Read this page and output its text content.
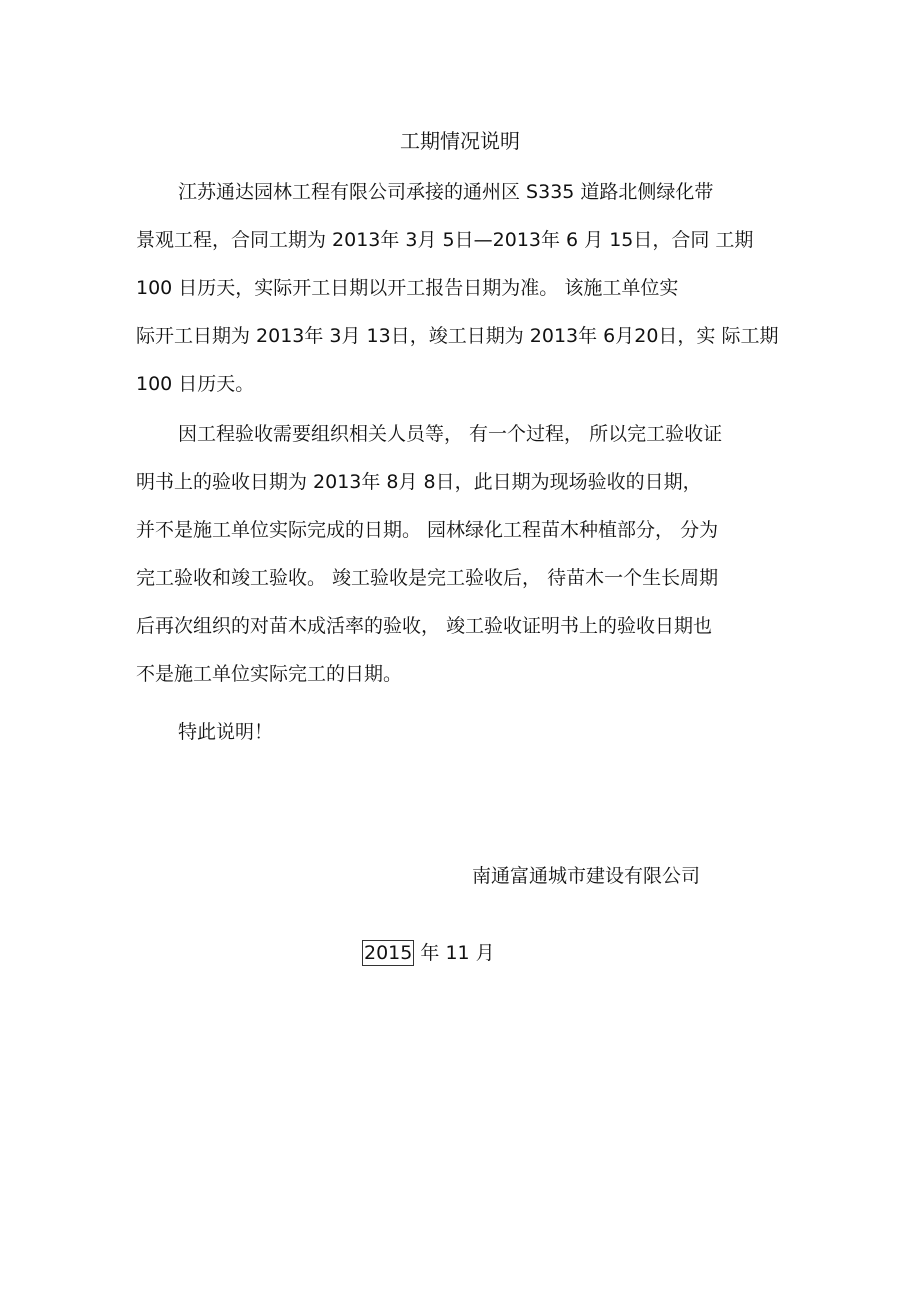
工期情况说明
江苏通达园林工程有限公司承接的通州区 S335 道路北侧绿化带
景观工程，合同工期为 2013年 3月 5日—2013年 6 月 15日，合同 工期
100 日历天，实际开工日期以开工报告日期为准。 该施工单位实
际开工日期为 2013年 3月 13日，竣工日期为 2013年 6月20日，实 际工期
100 日历天。
因工程验收需要组织相关人员等， 有一个过程， 所以完工验收证
明书上的验收日期为 2013年 8月 8日，此日期为现场验收的日期，
并不是施工单位实际完成的日期。 园林绿化工程苗木种植部分， 分为
完工验收和竣工验收。 竣工验收是完工验收后， 待苗木一个生长周期
后再次组织的对苗木成活率的验收， 竣工验收证明书上的验收日期也
不是施工单位实际完工的日期。
特此说明！
南通富通城市建设有限公司
2015 年 11 月
